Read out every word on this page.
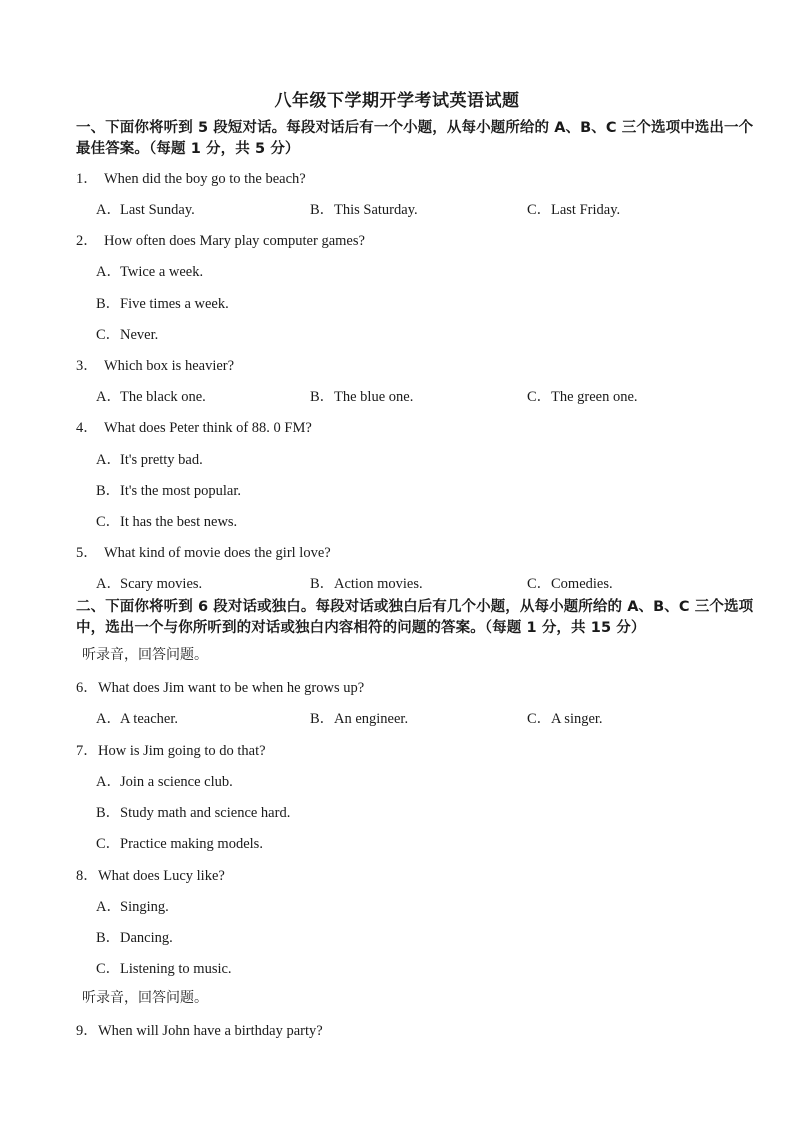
八年级下学期开学考试英语试题
一、下面你将听到 5 段短对话。每段对话后有一个小题，从每小题所给的 A、B、C 三个选项中选出一个最佳答案。（每题 1 分，共 5 分）
1． When did the boy go to the beach?
A．Last Sunday.	B．This Saturday.	C．Last Friday.
2． How often does Mary play computer games?
A．Twice a week.
B．Five times a week.
C．Never.
3． Which box is heavier?
A．The black one.	B．The blue one.	C．The green one.
4． What does Peter think of 88. 0 FM?
A．It's pretty bad.
B．It's the most popular.
C．It has the best news.
5． What kind of movie does the girl love?
A．Scary movies.	B．Action movies.	C．Comedies.
二、下面你将听到 6 段对话或独白。每段对话或独白后有几个小题，从每小题所给的 A、B、C 三个选项中，选出一个与你所听到的对话或独白内容相符的问题的答案。（每题 1 分，共 15 分）
听录音，回答问题。
6．What does Jim want to be when he grows up?
A．A teacher.	B．An engineer.	C．A singer.
7．How is Jim going to do that?
A．Join a science club.
B．Study math and science hard.
C．Practice making models.
8．What does Lucy like?
A．Singing.
B．Dancing.
C．Listening to music.
听录音，回答问题。
9．When will John have a birthday party?
